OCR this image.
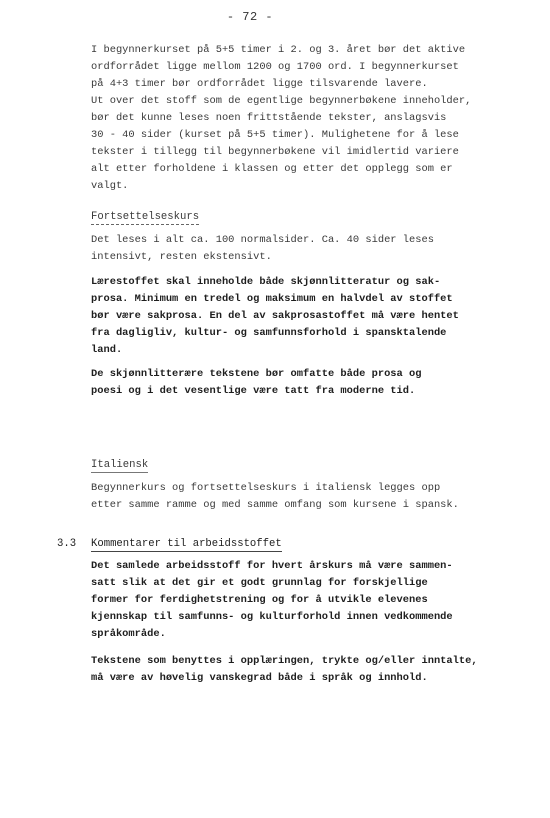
- 72 -
I begynnerkurset på 5+5 timer i 2. og 3. året bør det aktive
ordforrådet ligge mellom 1200 og 1700 ord. I begynnerkurset
på 4+3 timer bør ordforrådet ligge tilsvarende lavere.
Ut over det stoff som de egentlige begynnerbøkene inneholder,
bør det kunne leses noen frittstående tekster, anslagsvis
30 - 40 sider (kurset på 5+5 timer). Mulighetene for å lese
tekster i tillegg til begynnerbøkene vil imidlertid variere
alt etter forholdene i klassen og etter det opplegg som er
valgt.
Fortsettelseskurs
Det leses i alt ca. 100 normalsider. Ca. 40 sider leses
intensivt, resten ekstensivt.
Lærestoffet skal inneholde både skjønnlitteratur og sak-
prosa. Minimum en tredel og maksimum en halvdel av stoffet
bør være sakprosa. En del av sakprosastoffet må være hentet
fra dagligliv, kultur- og samfunnsforhold i spansktalende
land.
De skjønnlitterære tekstene bør omfatte både prosa og
poesi og i det vesentlige være tatt fra moderne tid.
Italiensk
Begynnerkurs og fortsettelseskurs i italiensk legges opp
etter samme ramme og med samme omfang som kursene i spansk.
3.3 Kommentarer til arbeidsstoffet
Det samlede arbeidsstoff for hvert årskurs må være sammen-
satt slik at det gir et godt grunnlag for forskjellige
former for ferdighetstrening og for å utvikle elevenes
kjennskap til samfunns- og kulturforhold innen vedkommende
språkområde.
Tekstene som benyttes i opplæringen, trykte og/eller inntalte,
må være av høvelig vanskegrad både i språk og innhold.
